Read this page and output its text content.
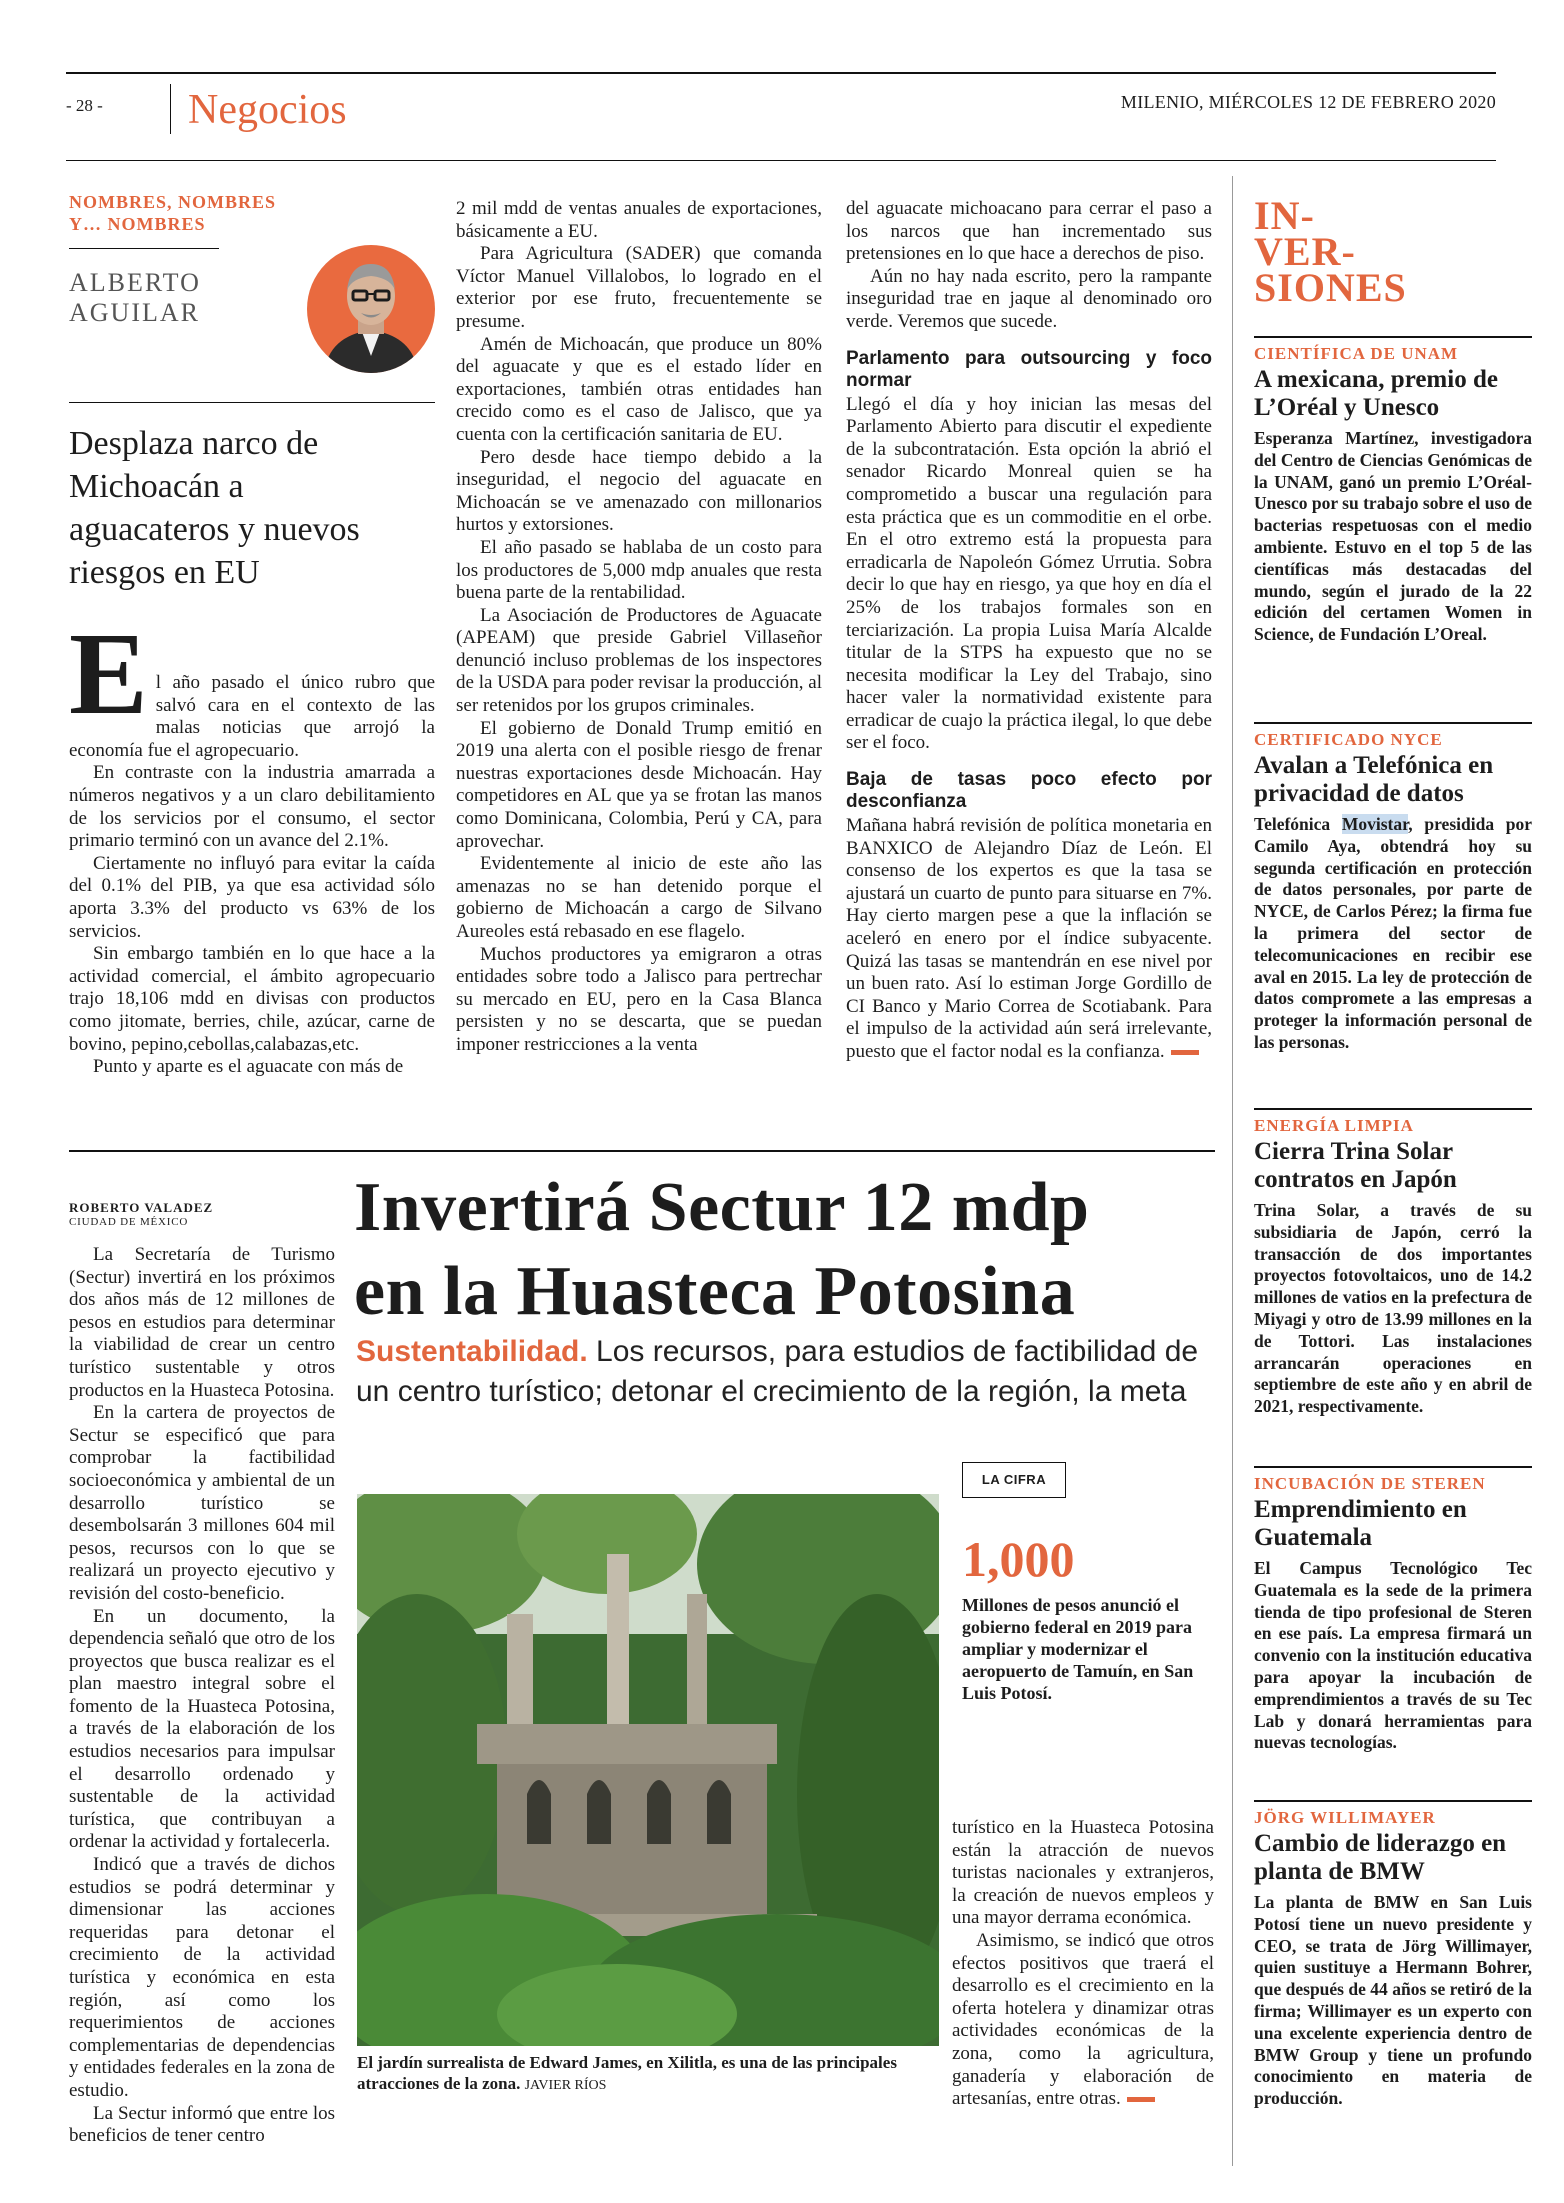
- 28 - Negocios	MILENIO, MIÉRCOLES 12 DE FEBRERO 2020
NOMBRES, NOMBRES
Y… NOMBRES
ALBERTO
AGUILAR
Desplaza narco de Michoacán a aguacateros y nuevos riesgos en EU
E l año pasado el único rubro que salvó cara en el contexto de las malas noticias que arrojó la economía fue el agropecuario.

En contraste con la industria amarrada a números negativos y a un claro debilitamiento de los servicios por el consumo, el sector primario terminó con un avance del 2.1%.

Ciertamente no influyó para evitar la caída del 0.1% del PIB, ya que esa actividad sólo aporta 3.3% del producto vs 63% de los servicios.

Sin embargo también en lo que hace a la actividad comercial, el ámbito agropecuario trajo 18,106 mdd en divisas con productos como jitomate, berries, chile, azúcar, carne de bovino, pepino,cebollas,calabazas,etc.

Punto y aparte es el aguacate con más de

2 mil mdd de ventas anuales de exportaciones, básicamente a EU.

Para Agricultura (SADER) que comanda Víctor Manuel Villalobos, lo logrado en el exterior por ese fruto, frecuentemente se presume.

Amén de Michoacán, que produce un 80% del aguacate y que es el estado líder en exportaciones, también otras entidades han crecido como es el caso de Jalisco, que ya cuenta con la certificación sanitaria de EU.

Pero desde hace tiempo debido a la inseguridad, el negocio del aguacate en Michoacán se ve amenazado con millonarios hurtos y extorsiones.

El año pasado se hablaba de un costo para los productores de 5,000 mdp anuales que resta buena parte de la rentabilidad.

La Asociación de Productores de Aguacate (APEAM) que preside Gabriel Villaseñor denunció incluso problemas de los inspectores de la USDA para poder revisar la producción, al ser retenidos por los grupos criminales.

El gobierno de Donald Trump emitió en 2019 una alerta con el posible riesgo de frenar nuestras exportaciones desde Michoacán. Hay competidores en AL que ya se frotan las manos como Dominicana, Colombia, Perú y CA, para aprovechar.

Evidentemente al inicio de este año las amenazas no se han detenido porque el gobierno de Michoacán a cargo de Silvano Aureoles está rebasado en ese flagelo.

Muchos productores ya emigraron a otras entidades sobre todo a Jalisco para pertrechar su mercado en EU, pero en la Casa Blanca persisten y no se descarta, que se puedan imponer restricciones a la venta

del aguacate michoacano para cerrar el paso a los narcos que han incrementado sus pretensiones en lo que hace a derechos de piso.

Aún no hay nada escrito, pero la rampante inseguridad trae en jaque al denominado oro verde. Veremos que sucede.

Parlamento para outsourcing y foco normar

Llegó el día y hoy inician las mesas del Parlamento Abierto para discutir el expediente de la subcontratación. Esta opción la abrió el senador Ricardo Monreal quien se ha comprometido a buscar una regulación para esta práctica que es un commoditie en el orbe. En el otro extremo está la propuesta para erradicarla de Napoleón Gómez Urrutia. Sobra decir lo que hay en riesgo, ya que hoy en día el 25% de los trabajos formales son en terciarización. La propia Luisa María Alcalde titular de la STPS ha expuesto que no se necesita modificar la Ley del Trabajo, sino hacer valer la normatividad existente para erradicar de cuajo la práctica ilegal, lo que debe ser el foco.

Baja de tasas poco efecto por desconfianza

Mañana habrá revisión de política monetaria en BANXICO de Alejandro Díaz de León. El consenso de los expertos es que la tasa se ajustará un cuarto de punto para situarse en 7%. Hay cierto margen pese a que la inflación se aceleró en enero por el índice subyacente. Quizá las tasas se mantendrán en ese nivel por un buen rato. Así lo estiman Jorge Gordillo de CI Banco y Mario Correa de Scotiabank. Para el impulso de la actividad aún será irrelevante, puesto que el factor nodal es la confianza.

IN-
VER-
SIONES
CIENTÍFICA DE UNAM
A mexicana, premio de L’Oréal y Unesco

Esperanza Martínez, investigadora del Centro de Ciencias Genómicas de la UNAM, ganó un premio L’Oréal-Unesco por su trabajo sobre el uso de bacterias respetuosas con el medio ambiente. Estuvo en el top 5 de las científicas más destacadas del mundo, según el jurado de la 22 edición del certamen Women in Science, de Fundación L’Oreal.

CERTIFICADO NYCE
Avalan a Telefónica en privacidad de datos

Telefónica Movistar, presidida por Camilo Aya, obtendrá hoy su segunda certificación en protección de datos personales, por parte de NYCE, de Carlos Pérez; la firma fue la primera del sector de telecomunicaciones en recibir ese aval en 2015. La ley de protección de datos compromete a las empresas a proteger la información personal de las personas.

ENERGÍA LIMPIA
Cierra Trina Solar contratos en Japón

Trina Solar, a través de su subsidiaria de Japón, cerró la transacción de dos importantes proyectos fotovoltaicos, uno de 14.2 millones de vatios en la prefectura de Miyagi y otro de 13.99 millones en la de Tottori. Las instalaciones arrancarán operaciones en septiembre de este año y en abril de 2021, respectivamente.

INCUBACIÓN DE STEREN
Emprendimiento en Guatemala

El Campus Tecnológico Tec Guatemala es la sede de la primera tienda de tipo profesional de Steren en ese país. La empresa firmará un convenio con la institución educativa para apoyar la incubación de emprendimientos a través de su Tec Lab y donará herramientas para nuevas tecnologías.

JÖRG WILLIMAYER
Cambio de liderazgo en planta de BMW

La planta de BMW en San Luis Potosí tiene un nuevo presidente y CEO, se trata de Jörg Willimayer, quien sustituye a Hermann Bohrer, que después de 44 años se retiró de la firma; Willimayer es un experto con una excelente experiencia dentro de BMW Group y tiene un profundo conocimiento en materia de producción.

ROBERTO VALADEZ
CIUDAD DE MÉXICO	Invertirá Sectur 12 mdp
en la Huasteca Potosina
Sustentabilidad. Los recursos, para estudios de factibilidad de un centro turístico; detonar el crecimiento de la región, la meta

La Secretaría de Turismo (Sectur) invertirá en los próximos dos años más de 12 millones de pesos en estudios para determinar la viabilidad de crear un centro turístico sustentable y otros productos en la Huasteca Potosina.

En la cartera de proyectos de Sectur se especificó que para comprobar la factibilidad socioeconómica y ambiental de un desarrollo turístico se desembolsarán 3 millones 604 mil pesos, recursos con lo que se realizará un proyecto ejecutivo y revisión del costo-beneficio.

En un documento, la dependencia señaló que otro de los proyectos que busca realizar es el plan maestro integral sobre el fomento de la Huasteca Potosina, a través de la elaboración de los estudios necesarios para impulsar el desarrollo ordenado y sustentable de la actividad turística, que contribuyan a ordenar la actividad y fortalecerla.

Indicó que a través de dichos estudios se podrá determinar y dimensionar las acciones requeridas para detonar el crecimiento de la actividad turística y económica en esta región, así como los requerimientos de acciones complementarias de dependencias y entidades federales en la zona de estudio.

La Sectur informó que entre los beneficios de tener centro

El jardín surrealista de Edward James, en Xilitla, es una de las principales atracciones de la zona. JAVIER RÍOS
LA CIFRA
1,000
Millones de pesos anunció el gobierno federal en 2019 para ampliar y modernizar el aeropuerto de Tamuín, en San Luis Potosí.

turístico en la Huasteca Potosina están la atracción de nuevos turistas nacionales y extranjeros, la creación de nuevos empleos y una mayor derrama económica.

Asimismo, se indicó que otros efectos positivos que traerá el desarrollo es el crecimiento en la oferta hotelera y dinamizar otras actividades económicas de la zona, como la agricultura, ganadería y elaboración de artesanías, entre otras.
